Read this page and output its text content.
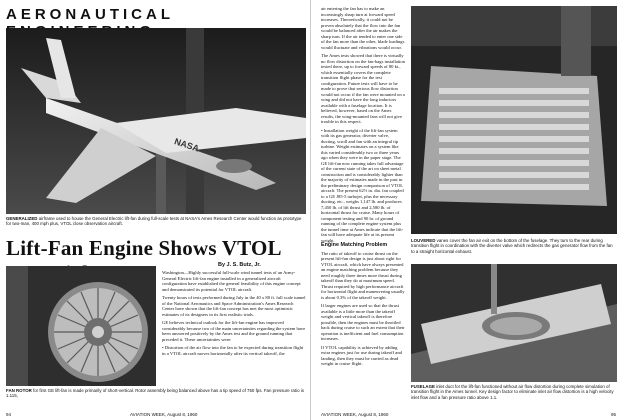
AERONAUTICAL
NASA
GENERALIZED airframe used to house the General Electric lift-fan during full-scale tests at NASA's Ames Research Center would function as prototype for two-man, 400 mph plus, VTOL close observation aircraft.
Lift-Fan Engine Shows VTOL
By J. S. Butz, Jr.
FAN ROTOR for first GE lift-fan is made primarily of short-vertical. Rotor assembly being balanced above has a tip speed of 750 fps. Fan pressure ratio is 1.115,

Washington—Highly successful full-scale wind tunnel tests of an Army-General Electric lift-fan engine installed in a generalized aircraft configuration have established the general feasibility of this engine concept and demonstrated its potential for VTOL aircraft.

Twenty hours of tests performed during July in the 40 x 80 ft. full scale tunnel of the National Aeronautics and Space Administration's Ames Research Center have shown that the lift-fan concept has met the most optimistic estimates of its designers in its first realistic trials.

GE believes technical outlook for the lift-fan engine has improved considerably because two of the main uncertainties regarding the system have been answered positively by the Ames test and the ground running that preceded it. These uncertainties were:

• Distortion of the air flow into the fan to be expected during transition flight in a VTOL aircraft moves horizontally after its vertical takeoff, the

94	AVIATION WEEK, August 8, 1960

air entering the fan has to make an increasingly sharp turn at forward speed increases. Theoretically, it could not be proven absolutely that the flow into the fan would be balanced after the air makes the sharp turn. If the air tended to enter one side of the fan more than the other, blade loadings would fluctuate and vibrations would occur.

The Ames tests showed that there is virtually no flow distortion on the fan-bags installation tested there, up to forward speeds of 80 kt., which essentially covers the complete transition flight phase for the test configuration. Future tests will have to be made to prove that serious flow distortion would not occur if the fan were mounted on a wing and did not have the long inductors available with a fuselage location. It is believed, however, based on the Ames results, the wing-mounted fans will not give trouble in this respect.

• Installation weight of the lift-fan system with its gas generator, diverter valve, ducting, scroll and fan with an integral tip turbine. Weight estimates on a system like this varied considerably two or three years ago when they were in the paper stage. The GE lift-fan now running takes full advantage of the current state of the art on sheet metal construction and is considerably lighter than the majority of estimates made in the past in the preliminary design comparison of VTOL aircraft. The present 62½ in. dia. fan coupled to a GE J85-5 turbojet, plus the necessary ducting, etc., weighs 1,147 lb. and produces 7,450 lb. of lift thrust and 2,580 lb. of horizontal thrust for cruise. Many hours of component testing and 90 hr. of ground running of the complete engine system plus the tunnel time at Ames indicate that the lift-fan will have adequate life at its present weight.	LOUVERED vanes cover the fan air exit on the bottom of the fuselage. They turn to the rear during transition flight in coordination with the diverter valve which redirects the gas generator flow from the fan to a straight horizontal exhaust.
Engine Matching Problem

The ratio of takeoff to cruise thrust on the present lift-fan design is just about right for VTOL aircraft, which have always presented an engine matching problem because they need roughly three times more thrust during takeoff than they do at maximum speed. Thrust required by high performance aircraft for horizontal flight and maneuvering usually is about 0.3% of the takeoff weight.

If larger engines are used so that the thrust available is a little more than the takeoff weight and vertical takeoff is therefore possible, then the engines must be throttled back during cruise to such an extent that their operation is inefficient and fuel consumption increases.

If VTOL capability is achieved by adding extra engines just for use during takeoff and landing, then they must be carried as dead weight in cruise flight.

FUSELAGE inlet duct for the lift-fan functioned without air flow distortion during complete simulation of transition flight in the Ames tunnel. Key design factor to eliminate inlet air flow distortion is a high velocity inlet flow and a fan pressure ratio above 1.1.
AVIATION WEEK, August 8, 1960	95
